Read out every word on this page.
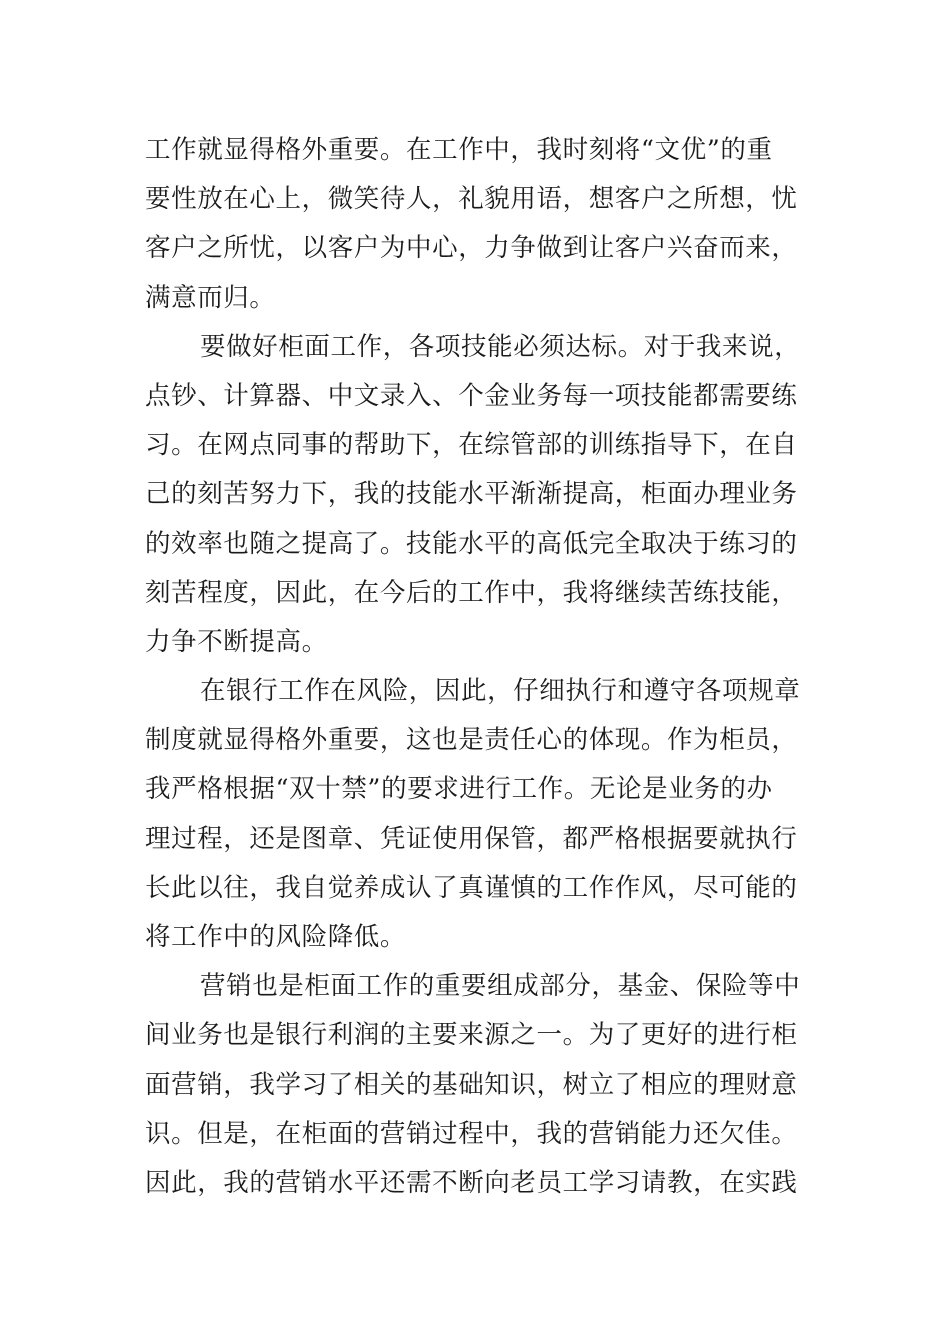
工作就显得格外重要。在工作中，我时刻将“文优”的重
要性放在心上，微笑待人，礼貌用语，想客户之所想，忧
客户之所忧，以客户为中心，力争做到让客户兴奋而来，
满意而归。
要做好柜面工作，各项技能必须达标。对于我来说，
点钞、计算器、中文录入、个金业务每一项技能都需要练
习。在网点同事的帮助下，在综管部的训练指导下，在自
己的刻苦努力下，我的技能水平渐渐提高，柜面办理业务
的效率也随之提高了。技能水平的高低完全取决于练习的
刻苦程度，因此，在今后的工作中，我将继续苦练技能，
力争不断提高。
在银行工作在风险，因此，仔细执行和遵守各项规章
制度就显得格外重要，这也是责任心的体现。作为柜员，
我严格根据“双十禁”的要求进行工作。无论是业务的办
理过程，还是图章、凭证使用保管，都严格根据要就执行
长此以往，我自觉养成认了真谨慎的工作作风，尽可能的
将工作中的风险降低。
营销也是柜面工作的重要组成部分，基金、保险等中
间业务也是银行利润的主要来源之一。为了更好的进行柜
面营销，我学习了相关的基础知识，树立了相应的理财意
识。但是，在柜面的营销过程中，我的营销能力还欠佳。
因此，我的营销水平还需不断向老员工学习请教，在实践
